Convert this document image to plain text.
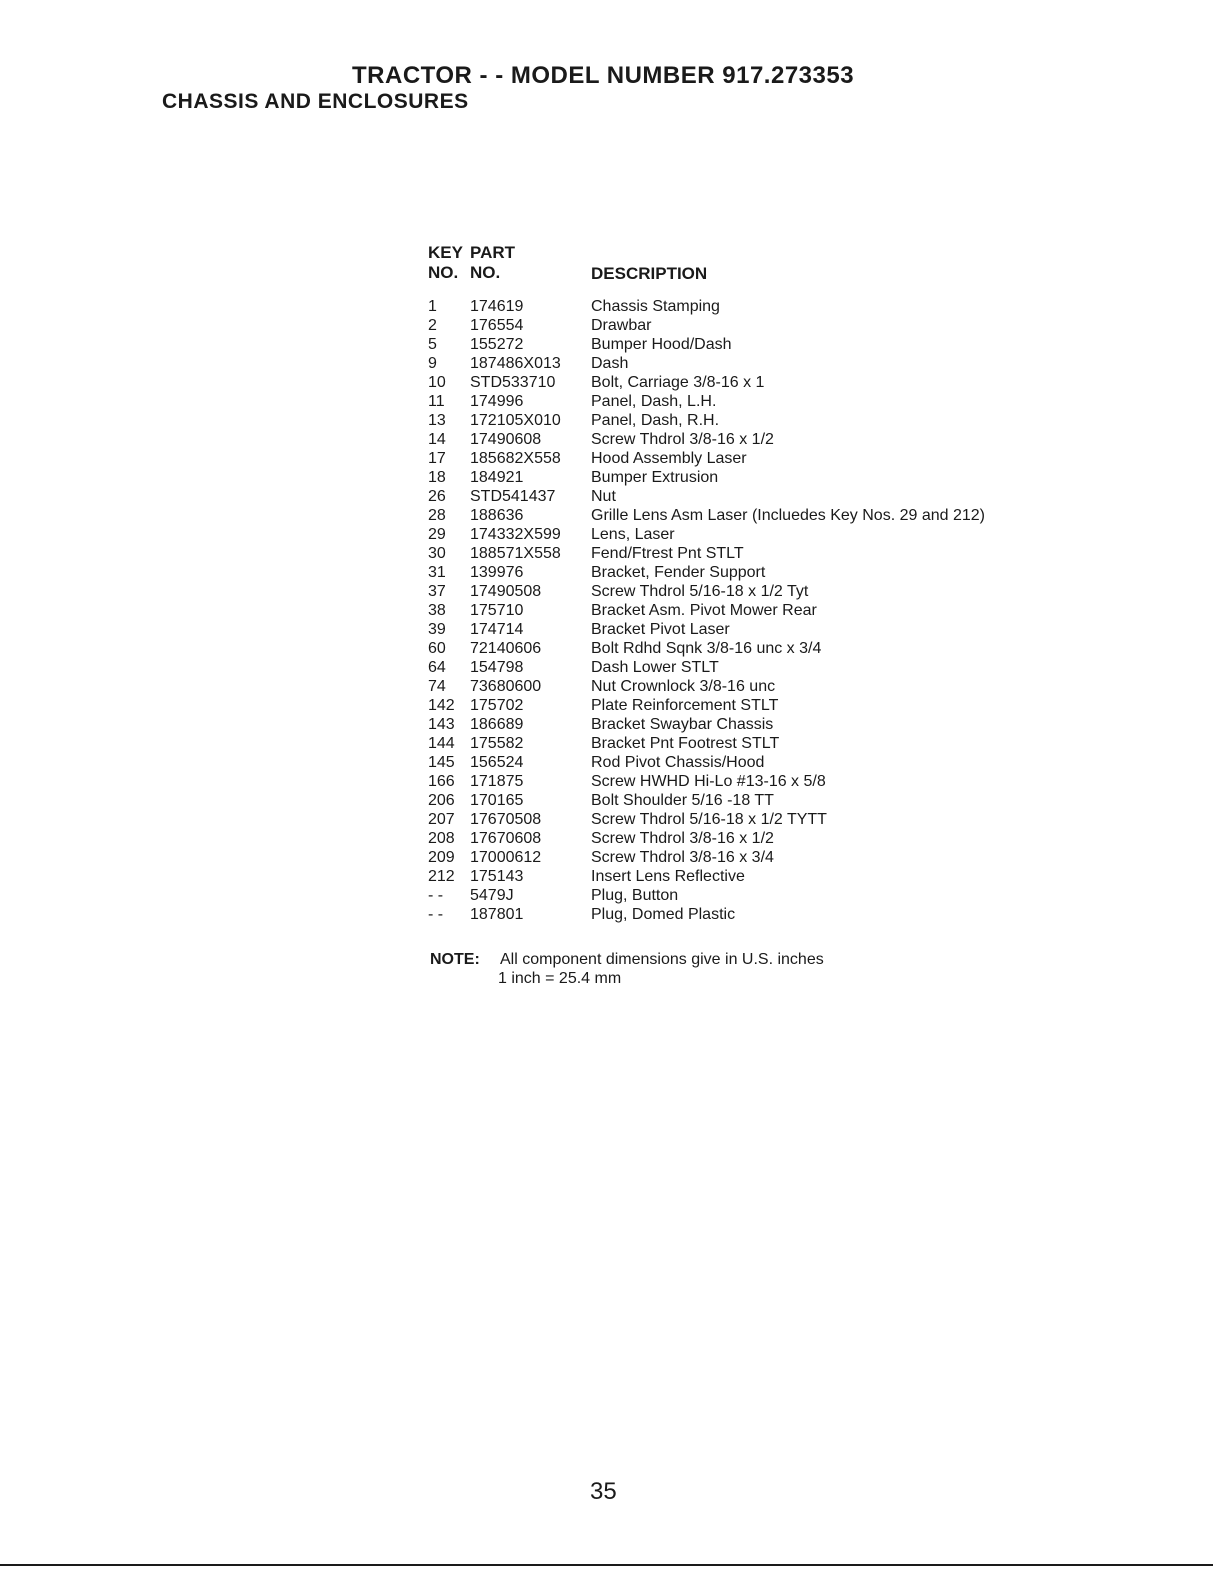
TRACTOR - - MODEL NUMBER 917.273353
CHASSIS AND ENCLOSURES
KEY
NO.
PART
NO.	DESCRIPTION
1 174619	Chassis Stamping
2 176554	Drawbar
5 155272	Bumper Hood/Dash
9 187486X013 Dash
10 STD533710 Bolt, Carriage 3/8-16 x 1
11 174996	Panel, Dash, L.H.
13 172105X010 Panel, Dash, R.H.
14 17490608	Screw Thdrol 3/8-16 x 1/2
17 185682X558 Hood Assembly Laser
18 184921	Bumper Extrusion
26 STD541437 Nut
28 188636	Grille Lens Asm Laser (Incluedes Key Nos. 29 and 212)
29 174332X599 Lens, Laser
30 188571X558 Fend/Ftrest Pnt STLT
31 139976	Bracket, Fender Support
37 17490508	Screw Thdrol 5/16-18 x 1/2 Tyt
38 175710	Bracket Asm. Pivot Mower Rear
39 174714	Bracket Pivot Laser
60 72140606	Bolt Rdhd Sqnk 3/8-16 unc x 3/4
64 154798	Dash Lower STLT
74 73680600	Nut Crownlock 3/8-16 unc
142 175702	Plate Reinforcement STLT
143 186689	Bracket Swaybar Chassis
144 175582	Bracket Pnt Footrest STLT
145 156524	Rod Pivot Chassis/Hood
166 171875	Screw HWHD Hi-Lo #13-16 x 5/8
206 170165	Bolt Shoulder 5/16 -18 TT
207 17670508	Screw Thdrol 5/16-18 x 1/2 TYTT
208 17670608	Screw Thdrol 3/8-16 x 1/2
209 17000612	Screw Thdrol 3/8-16 x 3/4
212 175143	Insert Lens Reflective
- - 5479J	Plug, Button
- - 187801	Plug, Domed Plastic
NOTE: All component dimensions give in U.S. inches
1 inch = 25.4 mm
35
